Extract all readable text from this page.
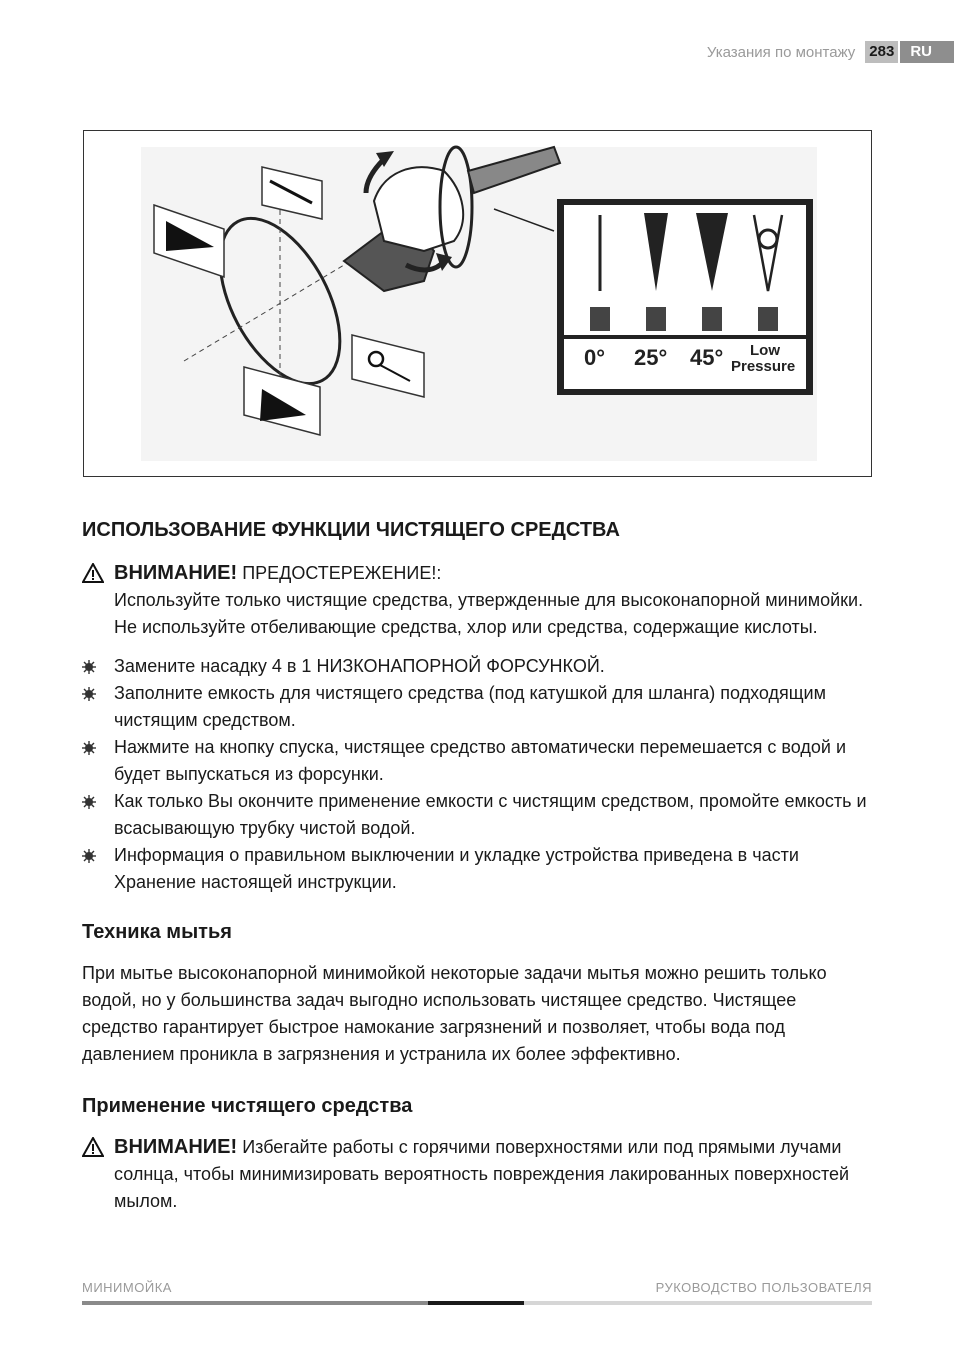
Указания по монтажу 283	RU
0° 25° 45° Low
Pressure
ИСПОЛЬЗОВАНИЕ ФУНКЦИИ ЧИСТЯЩЕГО СРЕДСТВА
ВНИМАНИЕ! ПРЕДОСТЕРЕЖЕНИЕ!:
Используйте только чистящие средства, утвержденные для высоконапорной минимойки. Не используйте отбеливающие средства, хлор или средства, содержащие кислоты.
Замените насадку 4 в 1 НИЗКОНАПОРНОЙ ФОРСУНКОЙ.
Заполните емкость для чистящего средства (под катушкой для шланга) подходящим чистящим средством.
Нажмите на кнопку спуска, чистящее средство автоматически перемешается с водой и будет выпускаться из форсунки.
Как только Вы окончите применение емкости с чистящим средством, промойте емкость и всасывающую трубку чистой водой.
Информация о правильном выключении и укладке устройства приведена в части Хранение настоящей инструкции.
Техника мытья

При мытье высоконапорной минимойкой некоторые задачи мытья можно решить только водой, но у большинства задач выгодно использовать чистящее средство. Чистящее средство гарантирует быстрое намокание загрязнений и позволяет, чтобы вода под давлением проникла в загрязнения и устранила их более эффективно.

Применение чистящего средства
ВНИМАНИЕ! Избегайте работы с горячими поверхностями или под прямыми лучами солнца, чтобы минимизировать вероятность повреждения лакированных поверхностей мылом.
МИНИМОЙКА	РУКОВОДСТВО ПОЛЬЗОВАТЕЛЯ
